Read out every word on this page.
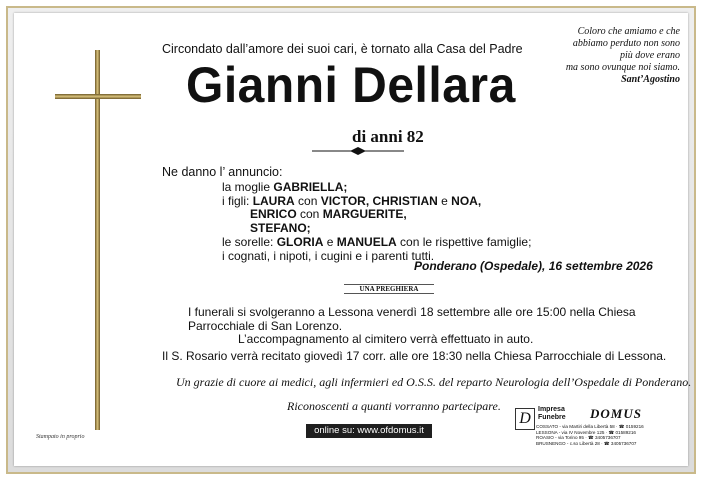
Circondato dall’amore dei suoi cari, è tornato alla Casa del Padre
Gianni Dellara
di anni 82
Coloro che amiamo e che
abbiamo perduto non sono
più dove erano
ma sono ovunque noi siamo.
Sant’Agostino
Ne danno l’ annuncio:
la moglie GABRIELLA;
i figli: LAURA con VICTOR, CHRISTIAN e NOA,
ENRICO con MARGUERITE,
STEFANO;
le sorelle: GLORIA e MANUELA con le rispettive famiglie;
i cognati, i nipoti, i cugini e i parenti tutti.
Ponderano (Ospedale), 16 settembre 2026
UNA PREGHIERA
I funerali si svolgeranno a Lessona venerdì 18 settembre alle ore 15:00 nella Chiesa
Parrocchiale di San Lorenzo.
L’accompagnamento al cimitero verrà effettuato in auto.
Il S. Rosario verrà recitato giovedì 17 corr. alle ore 18:30 nella Chiesa Parrocchiale di Lessona.
Un grazie di cuore ai medici, agli infermieri ed O.S.S. del reparto Neurologia dell’Ospedale di Ponderano.
Riconoscenti a quanti vorranno partecipare.
online su: www.ofdomus.it
Stampato in proprio
D
Impresa
Funebre DOMUS
COSSATO - via Martiri della Libertà 58 · ☎ 0159216
LESSONA - via IV Novembre 125 · ☎ 01589216
ROASIO - via Torino 95 · ☎ 3405736707
BRUSNENGO - c.so Libertà 28 · ☎ 3405736707
